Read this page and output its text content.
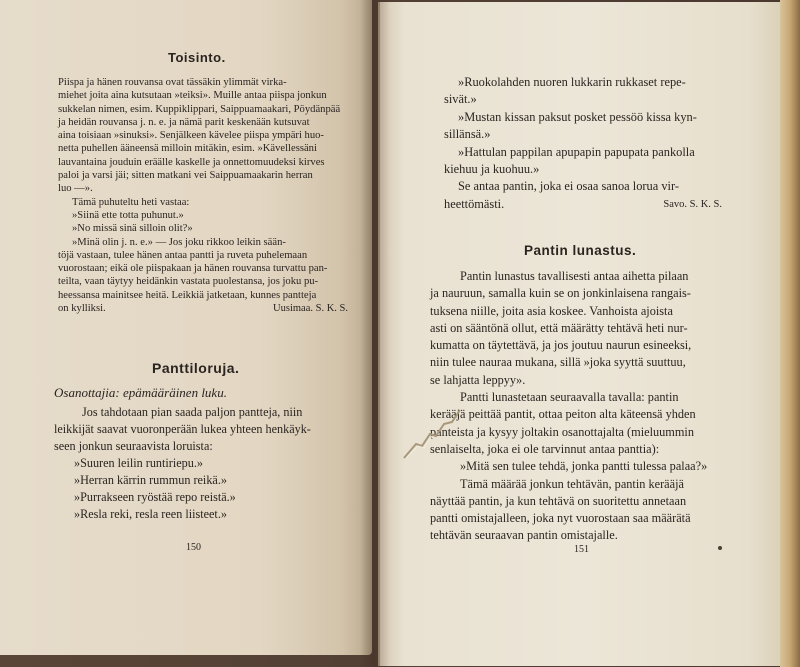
Toisinto.
Piispa ja hänen rouvansa ovat tässäkin ylimmät virka-
miehet joita aina kutsutaan »teiksi». Muille antaa piispa jonkun
sukkelan nimen, esim. Kuppiklippari, Saippuamaakari, Pöydänpää
ja heidän rouvansa j. n. e. ja nämä parit keskenään kutsuvat
aina toisiaan »sinuksi». Senjälkeen kävelee piispa ympäri huo-
netta puhellen ääneensä milloin mitäkin, esim. »Kävellessäni
lauvantaina jouduin eräälle kaskelle ja onnettomuudeksi kirves
paloi ja varsi jäi; sitten matkani vei Saippuamaakarin herran
luo —».
Tämä puhuteltu heti vastaa:
»Siinä ette totta puhunut.»
»No missä sinä silloin olit?»
»Minä olin j. n. e.» — Jos joku rikkoo leikin sään-
töjä vastaan, tulee hänen antaa pantti ja ruveta puhelemaan
vuorostaan; eikä ole piispakaan ja hänen rouvansa turvattu pan-
teilta, vaan täytyy heidänkin vastata puolestansa, jos joku pu-
heessansa mainitsee heitä. Leikkiä jatketaan, kunnes pantteja
on kylliksi.	Uusimaa. S. K. S.
Panttiloruja.
Osanottajia: epämääräinen luku.
Jos tahdotaan pian saada paljon pantteja, niin
leikkijät saavat vuoronperään lukea yhteen henkäyk-
seen jonkun seuraavista loruista:
»Suuren leilin runtiriepu.»
»Herran kärrin rummun reikä.»
»Purrakseen ryöstää repo reistä.»
»Resla reki, resla reen liisteet.»
150
»Ruokolahden nuoren lukkarin rukkaset repe-
sivät.»
»Mustan kissan paksut posket pessöö kissa kyn-
sillänsä.»
»Hattulan pappilan apupapin papupata pankolla
kiehuu ja kuohuu.»
Se antaa pantin, joka ei osaa sanoa lorua vir-
heettömästi.	Savo. S. K. S.
Pantin lunastus.
Pantin lunastus tavallisesti antaa aihetta pilaan
ja nauruun, samalla kuin se on jonkinlaisena rangais-
tuksena niille, joita asia koskee. Vanhoista ajoista
asti on sääntönä ollut, että määrätty tehtävä heti nur-
kumatta on täytettävä, ja jos joutuu naurun esineeksi,
niin tulee nauraa mukana, sillä »joka syyttä suuttuu,
se lahjatta leppyy».
Pantti lunastetaan seuraavalla tavalla: pantin
kerääjä peittää pantit, ottaa peiton alta käteensä yhden
panteista ja kysyy joltakin osanottajalta (mieluummin
senlaiselta, joka ei ole tarvinnut antaa panttia):
»Mitä sen tulee tehdä, jonka pantti tulessa palaa?»
Tämä määrää jonkun tehtävän, pantin kerääjä
näyttää pantin, ja kun tehtävä on suoritettu annetaan
pantti omistajalleen, joka nyt vuorostaan saa määrätä
tehtävän seuraavan pantin omistajalle.
151
